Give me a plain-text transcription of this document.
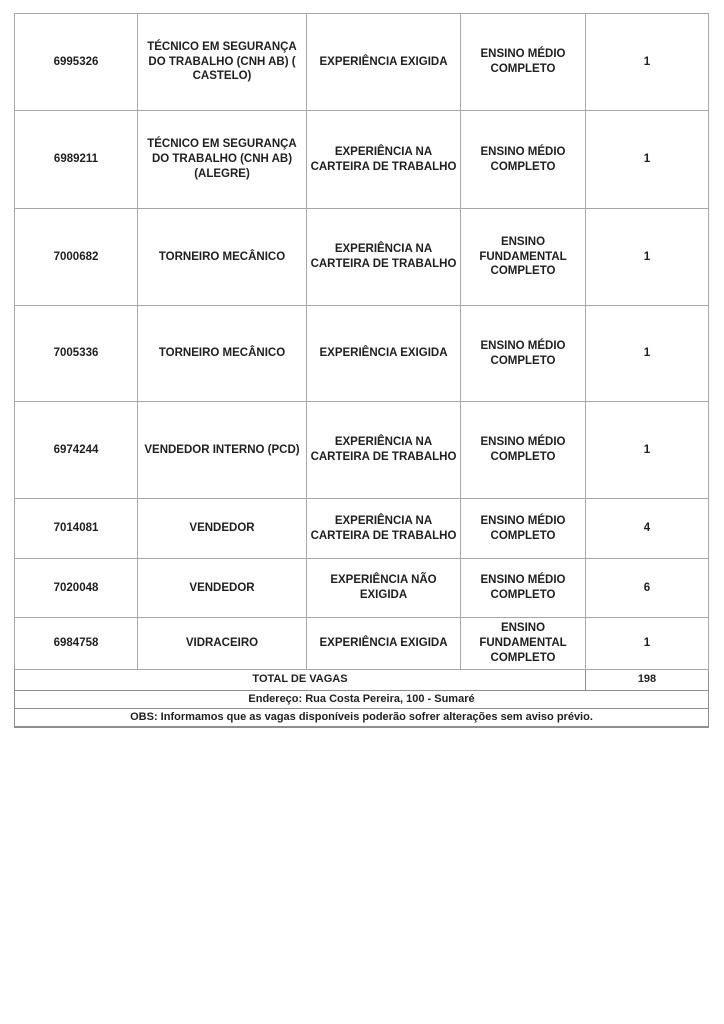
6995326	TÉCNICO EM SEGURANÇA DO TRABALHO (CNH AB) ( CASTELO)	EXPERIÊNCIA EXIGIDA	ENSINO MÉDIO COMPLETO	1
6989211	TÉCNICO EM SEGURANÇA DO TRABALHO (CNH AB) (ALEGRE)	EXPERIÊNCIA NA CARTEIRA DE TRABALHO	ENSINO MÉDIO COMPLETO	1
7000682	TORNEIRO MECÂNICO	EXPERIÊNCIA NA CARTEIRA DE TRABALHO	ENSINO FUNDAMENTAL COMPLETO	1
7005336	TORNEIRO MECÂNICO	EXPERIÊNCIA EXIGIDA	ENSINO MÉDIO COMPLETO	1
6974244	VENDEDOR INTERNO (PCD)	EXPERIÊNCIA NA CARTEIRA DE TRABALHO	ENSINO MÉDIO COMPLETO	1
7014081	VENDEDOR	EXPERIÊNCIA NA CARTEIRA DE TRABALHO	ENSINO MÉDIO COMPLETO	4
7020048	VENDEDOR	EXPERIÊNCIA NÃO EXIGIDA	ENSINO MÉDIO COMPLETO	6
6984758	VIDRACEIRO	EXPERIÊNCIA EXIGIDA	ENSINO FUNDAMENTAL COMPLETO	1
TOTAL DE VAGAS				198
Endereço: Rua Costa Pereira, 100 - Sumaré				
OBS: Informamos que as vagas disponíveis poderão sofrer alterações sem aviso prévio.				
